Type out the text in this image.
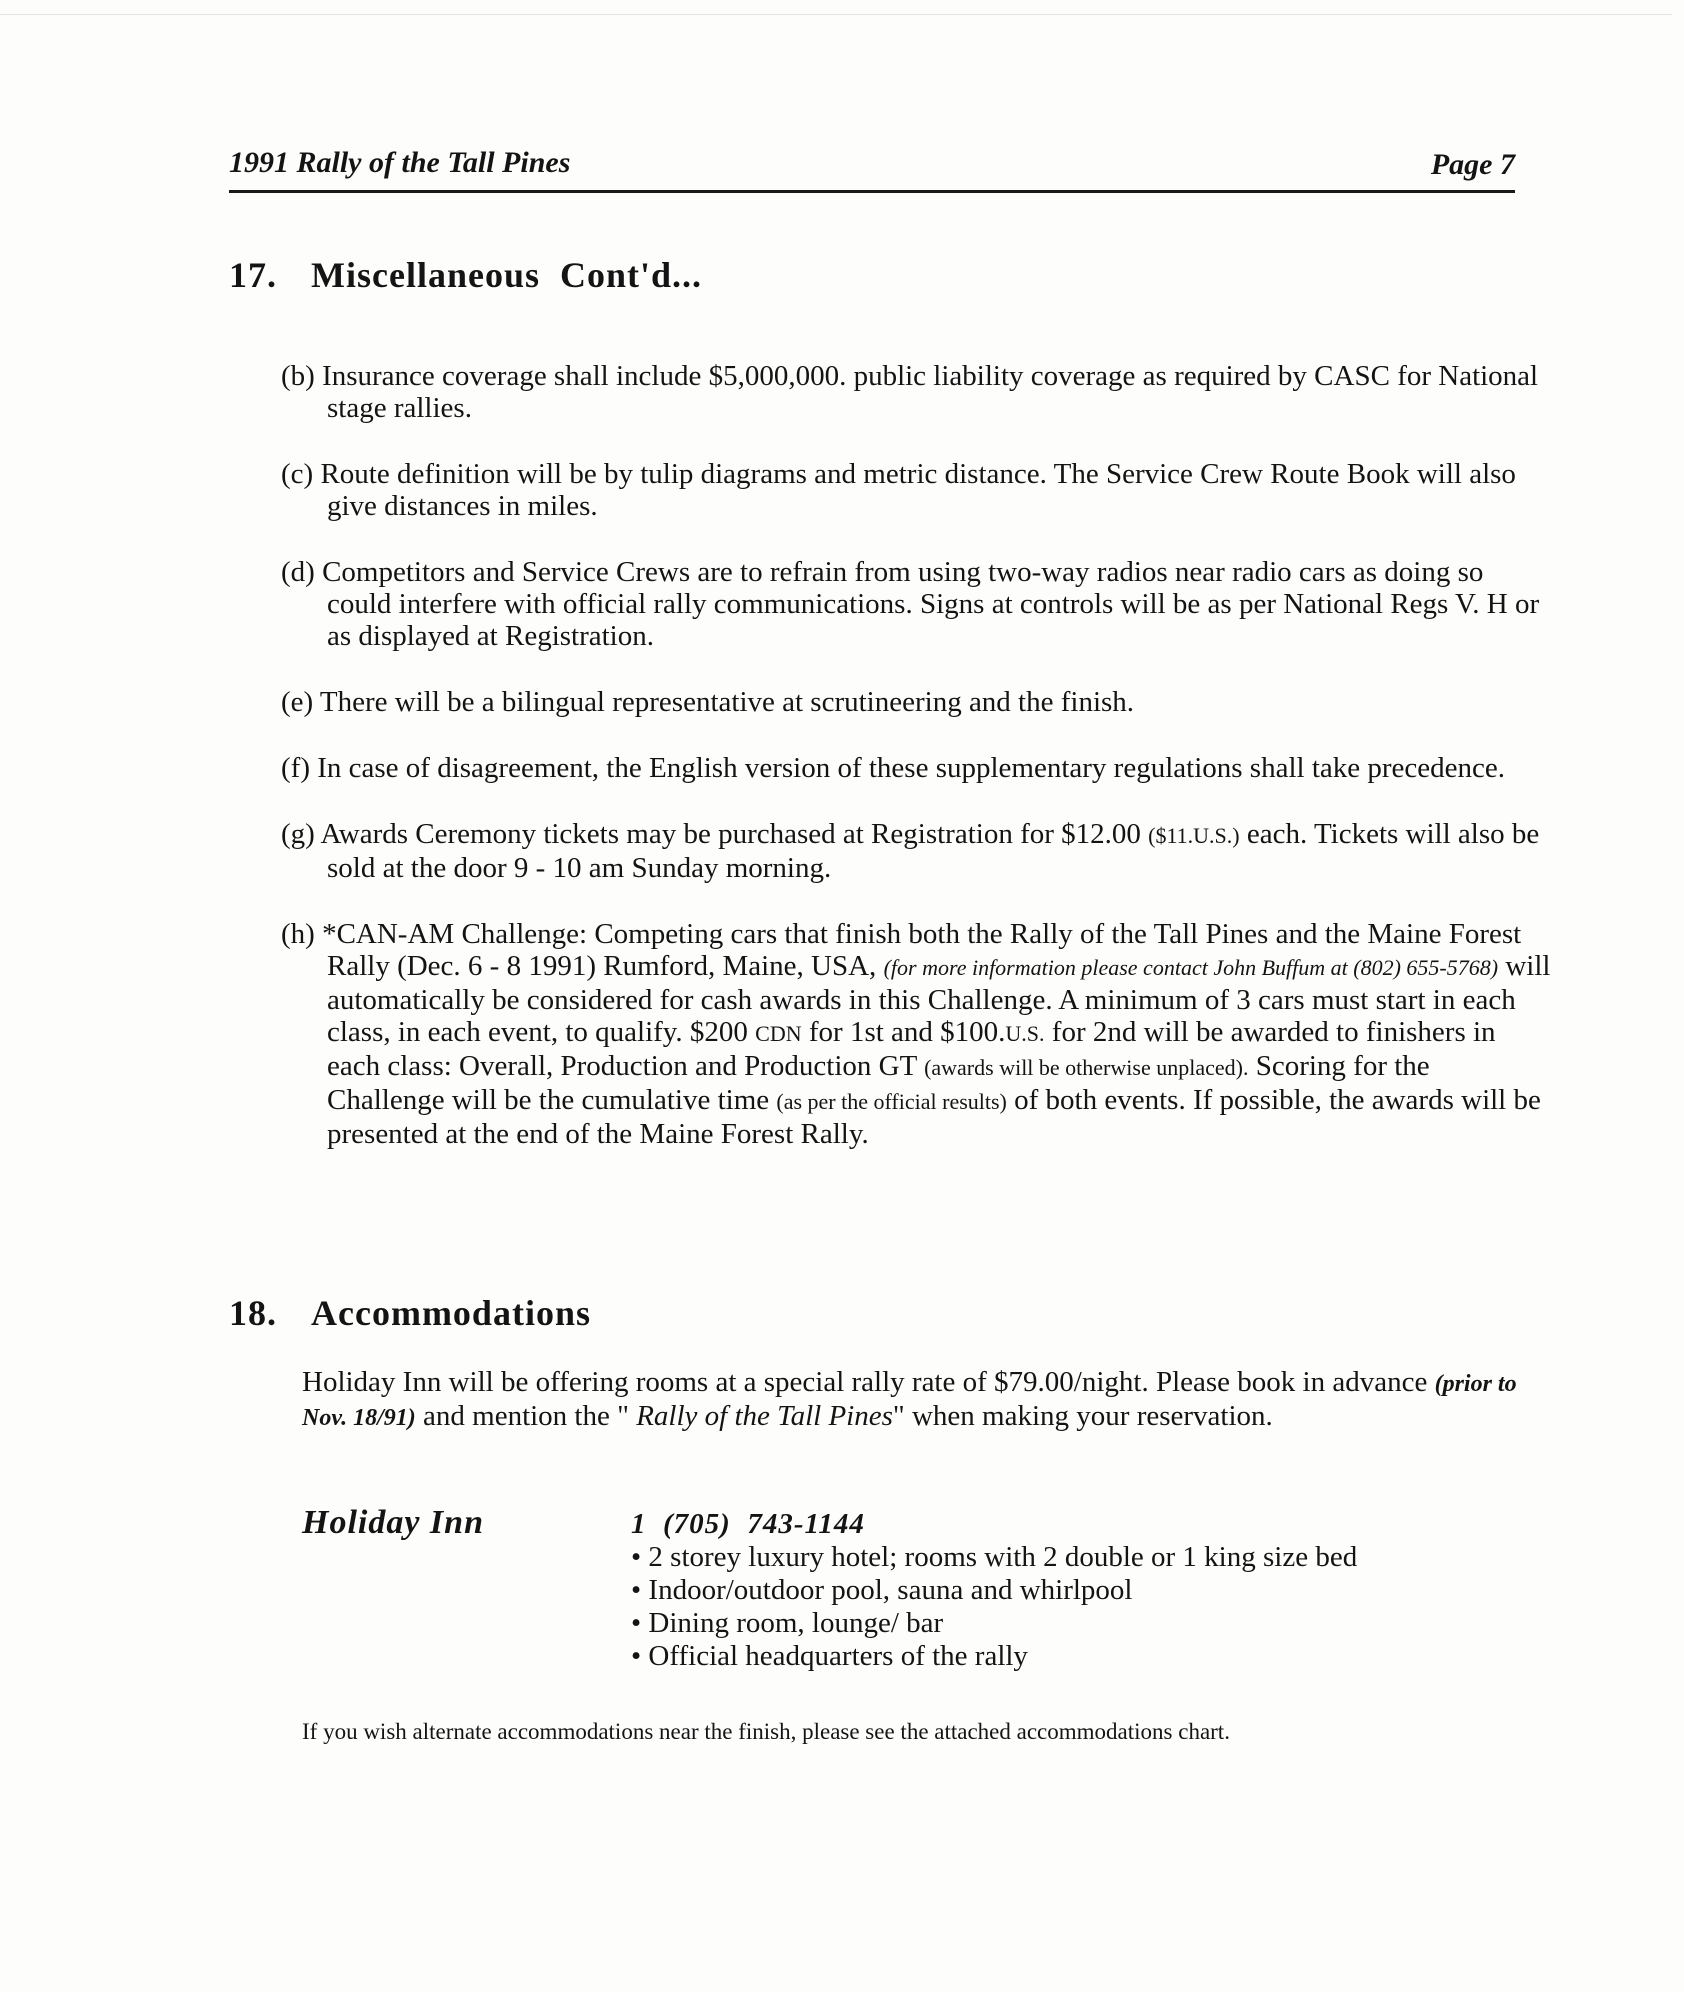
1991 Rally of the Tall Pines	Page 7
17. Miscellaneous  Cont'd...
(b) Insurance coverage shall include $5,000,000. public liability coverage as required by CASC for National stage rallies.
(c) Route definition will be by tulip diagrams and metric distance. The Service Crew Route Book will also give distances in miles.
(d) Competitors and Service Crews are to refrain from using two-way radios near radio cars as doing so could interfere with official rally communications. Signs at controls will be as per National Regs V. H or as displayed at Registration.
(e) There will be a bilingual representative at scrutineering and the finish.
(f) In case of disagreement, the English version of these supplementary regulations shall take precedence.
(g) Awards Ceremony tickets may be purchased at Registration for $12.00 ($11.U.S.) each. Tickets will also be sold at the door 9 - 10 am Sunday morning.
(h) *CAN-AM Challenge: Competing cars that finish both the Rally of the Tall Pines and the Maine Forest Rally (Dec. 6 - 8 1991) Rumford, Maine, USA, (for more information please contact John Buffum at (802) 655-5768) will automatically be considered for cash awards in this Challenge. A minimum of 3 cars must start in each class, in each event, to qualify. $200 CDN for 1st and $100.U.S. for 2nd will be awarded to finishers in each class: Overall, Production and Production GT (awards will be otherwise unplaced). Scoring for the Challenge will be the cumulative time (as per the official results) of both events. If possible, the awards will be presented at the end of the Maine Forest Rally.
18. Accommodations
Holiday Inn will be offering rooms at a special rally rate of $79.00/night. Please book in advance (prior to Nov. 18/91) and mention the " Rally of the Tall Pines" when making your reservation.
Holiday Inn	1  (705)  743-1144
• 2 storey luxury hotel; rooms with 2 double or 1 king size bed
• Indoor/outdoor pool, sauna and whirlpool
• Dining room, lounge/ bar
• Official headquarters of the rally
If you wish alternate accommodations near the finish, please see the attached accommodations chart.
